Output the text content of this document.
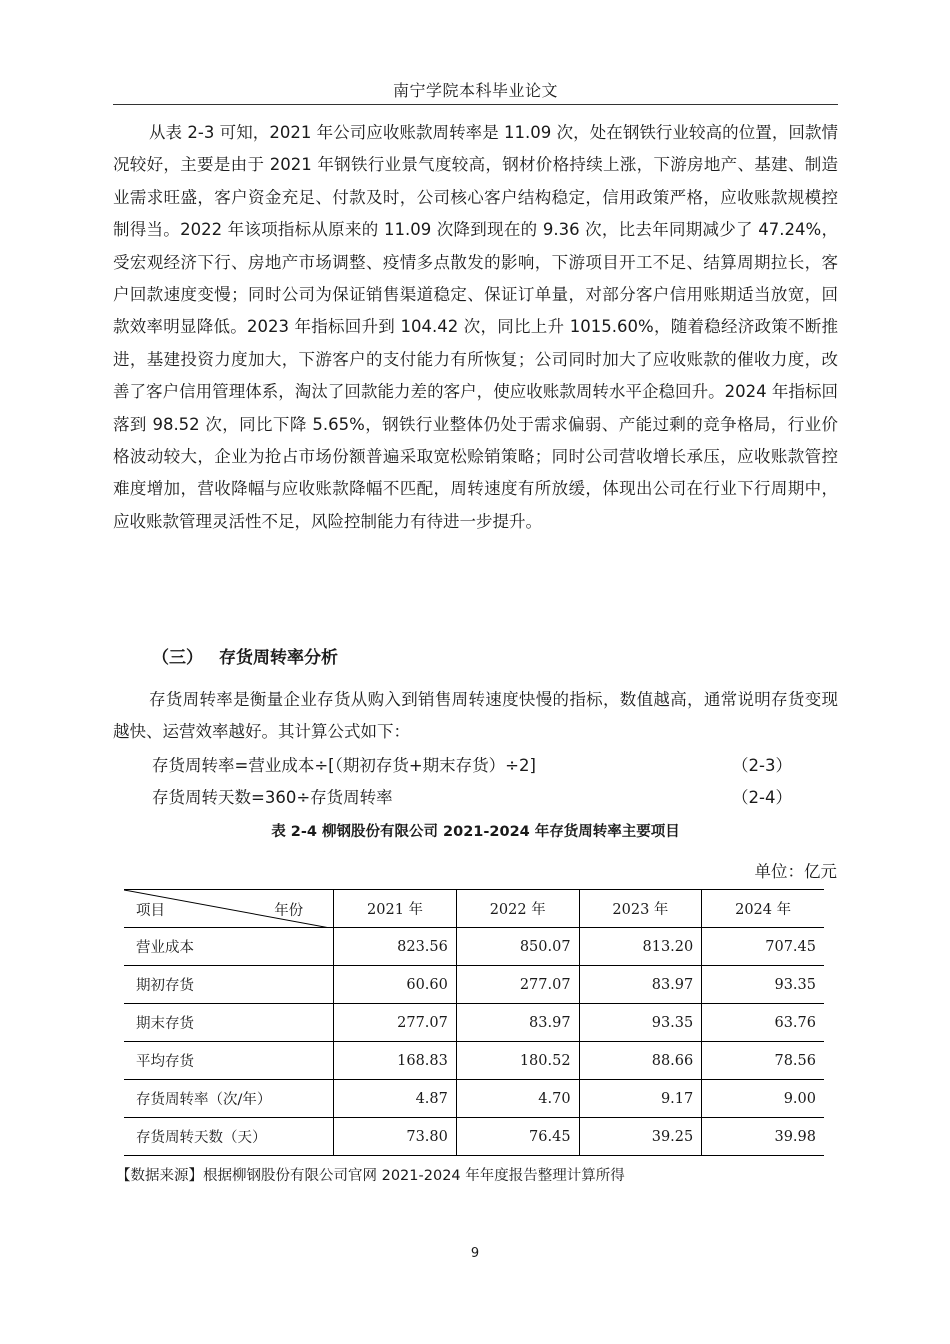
南宁学院本科毕业论文

从表 2-3 可知，2021 年公司应收账款周转率是 11.09 次，处在钢铁行业较高的位置，回款情况较好，主要是由于 2021 年钢铁行业景气度较高，钢材价格持续上涨，下游房地产、基建、制造业需求旺盛，客户资金充足、付款及时，公司核心客户结构稳定，信用政策严格，应收账款规模控制得当。2022 年该项指标从原来的 11.09 次降到现在的 9.36 次，比去年同期减少了 47.24%，受宏观经济下行、房地产市场调整、疫情多点散发的影响，下游项目开工不足、结算周期拉长，客户回款速度变慢；同时公司为保证销售渠道稳定、保证订单量，对部分客户信用账期适当放宽，回款效率明显降低。2023 年指标回升到 104.42 次，同比上升 1015.60%，随着稳经济政策不断推进，基建投资力度加大，下游客户的支付能力有所恢复；公司同时加大了应收账款的催收力度，改善了客户信用管理体系，淘汰了回款能力差的客户，使应收账款周转水平企稳回升。2024 年指标回落到 98.52 次，同比下降 5.65%，钢铁行业整体仍处于需求偏弱、产能过剩的竞争格局，行业价格波动较大，企业为抢占市场份额普遍采取宽松赊销策略；同时公司营收增长承压，应收账款管控难度增加，营收降幅与应收账款降幅不匹配，周转速度有所放缓，体现出公司在行业下行周期中，应收账款管理灵活性不足，风险控制能力有待进一步提升。

（三） 存货周转率分析

存货周转率是衡量企业存货从购入到销售周转速度快慢的指标，数值越高，通常说明存货变现越快、运营效率越好。其计算公式如下：

存货周转率=营业成本÷[（期初存货+期末存货）÷2]	（2-3）
存货周转天数=360÷存货周转率	（2-4）
表 2-4 柳钢股份有限公司 2021-2024 年存货周转率主要项目
单位：亿元
项目 年份	2021 年	2022 年	2023 年	2024 年
营业成本	823.56	850.07	813.20	707.45
期初存货	60.60	277.07	83.97	93.35
期末存货	277.07	83.97	93.35	63.76
平均存货	168.83	180.52	88.66	78.56
存货周转率（次/年）	4.87	4.70	9.17	9.00
存货周转天数（天）	73.80	76.45	39.25	39.98
【数据来源】根据柳钢股份有限公司官网 2021-2024 年年度报告整理计算所得
9
